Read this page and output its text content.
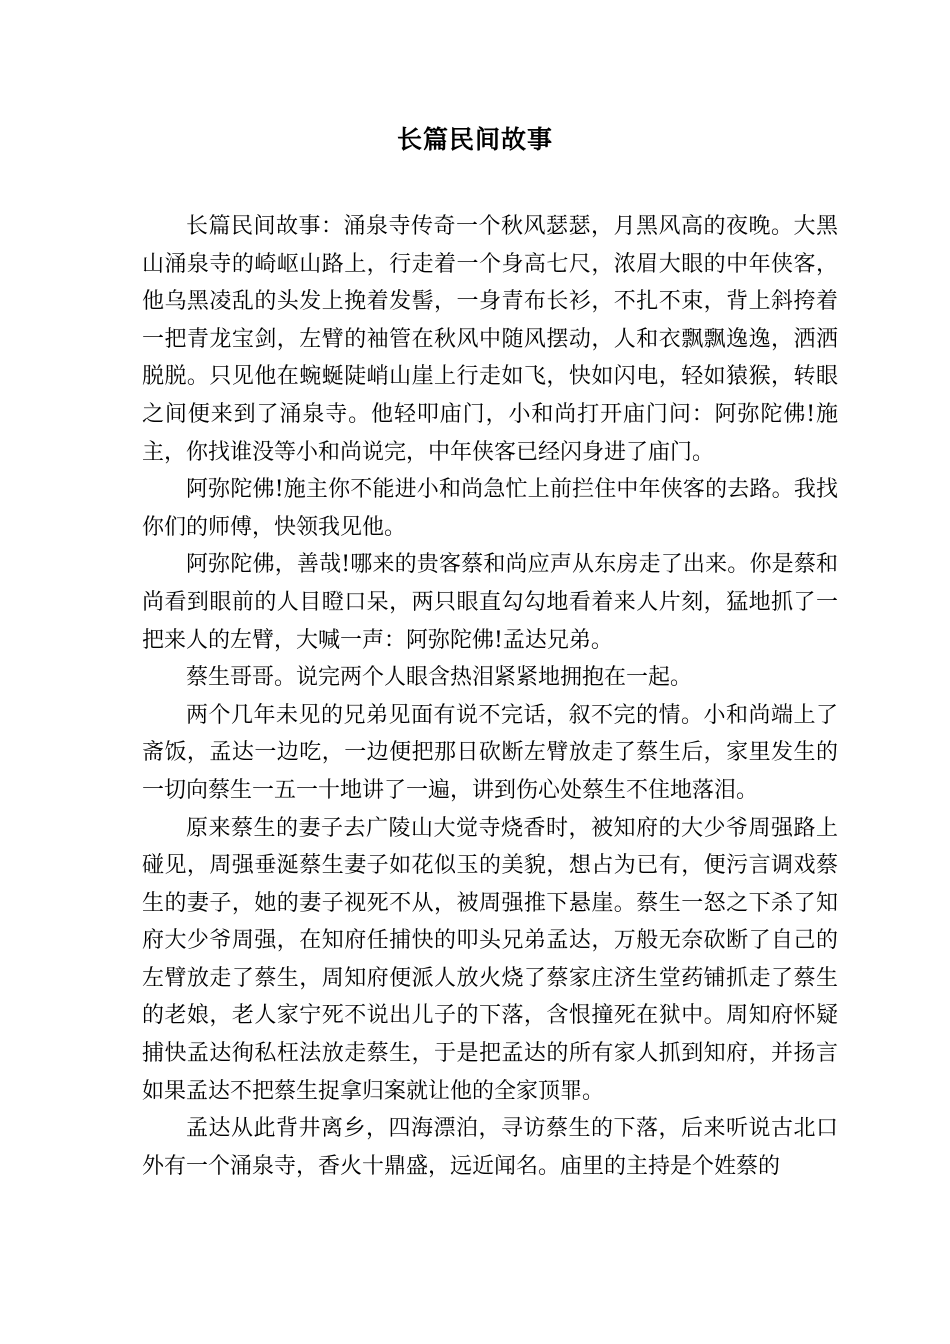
长篇民间故事

长篇民间故事：涌泉寺传奇一个秋风瑟瑟，月黑风高的夜晚。大黑山涌泉寺的崎岖山路上，行走着一个身高七尺，浓眉大眼的中年侠客，他乌黑凌乱的头发上挽着发髻，一身青布长衫，不扎不束，背上斜挎着一把青龙宝剑，左臂的袖管在秋风中随风摆动，人和衣飘飘逸逸，洒洒脱脱。只见他在蜿蜒陡峭山崖上行走如飞，快如闪电，轻如猿猴，转眼之间便来到了涌泉寺。他轻叩庙门，小和尚打开庙门问：阿弥陀佛!施主，你找谁没等小和尚说完，中年侠客已经闪身进了庙门。

阿弥陀佛!施主你不能进小和尚急忙上前拦住中年侠客的去路。我找你们的师傅，快领我见他。

阿弥陀佛，善哉!哪来的贵客蔡和尚应声从东房走了出来。你是蔡和尚看到眼前的人目瞪口呆，两只眼直勾勾地看着来人片刻，猛地抓了一把来人的左臂，大喊一声：阿弥陀佛!孟达兄弟。

蔡生哥哥。说完两个人眼含热泪紧紧地拥抱在一起。

两个几年未见的兄弟见面有说不完话，叙不完的情。小和尚端上了斋饭，孟达一边吃，一边便把那日砍断左臂放走了蔡生后，家里发生的一切向蔡生一五一十地讲了一遍，讲到伤心处蔡生不住地落泪。

原来蔡生的妻子去广陵山大觉寺烧香时，被知府的大少爷周强路上碰见，周强垂涎蔡生妻子如花似玉的美貌，想占为已有，便污言调戏蔡生的妻子，她的妻子视死不从，被周强推下悬崖。蔡生一怒之下杀了知府大少爷周强，在知府任捕快的叩头兄弟孟达，万般无奈砍断了自己的左臂放走了蔡生，周知府便派人放火烧了蔡家庄济生堂药铺抓走了蔡生的老娘，老人家宁死不说出儿子的下落，含恨撞死在狱中。周知府怀疑捕快孟达徇私枉法放走蔡生，于是把孟达的所有家人抓到知府，并扬言如果孟达不把蔡生捉拿归案就让他的全家顶罪。

孟达从此背井离乡，四海漂泊，寻访蔡生的下落，后来听说古北口外有一个涌泉寺，香火十鼎盛，远近闻名。庙里的主持是个姓蔡的
